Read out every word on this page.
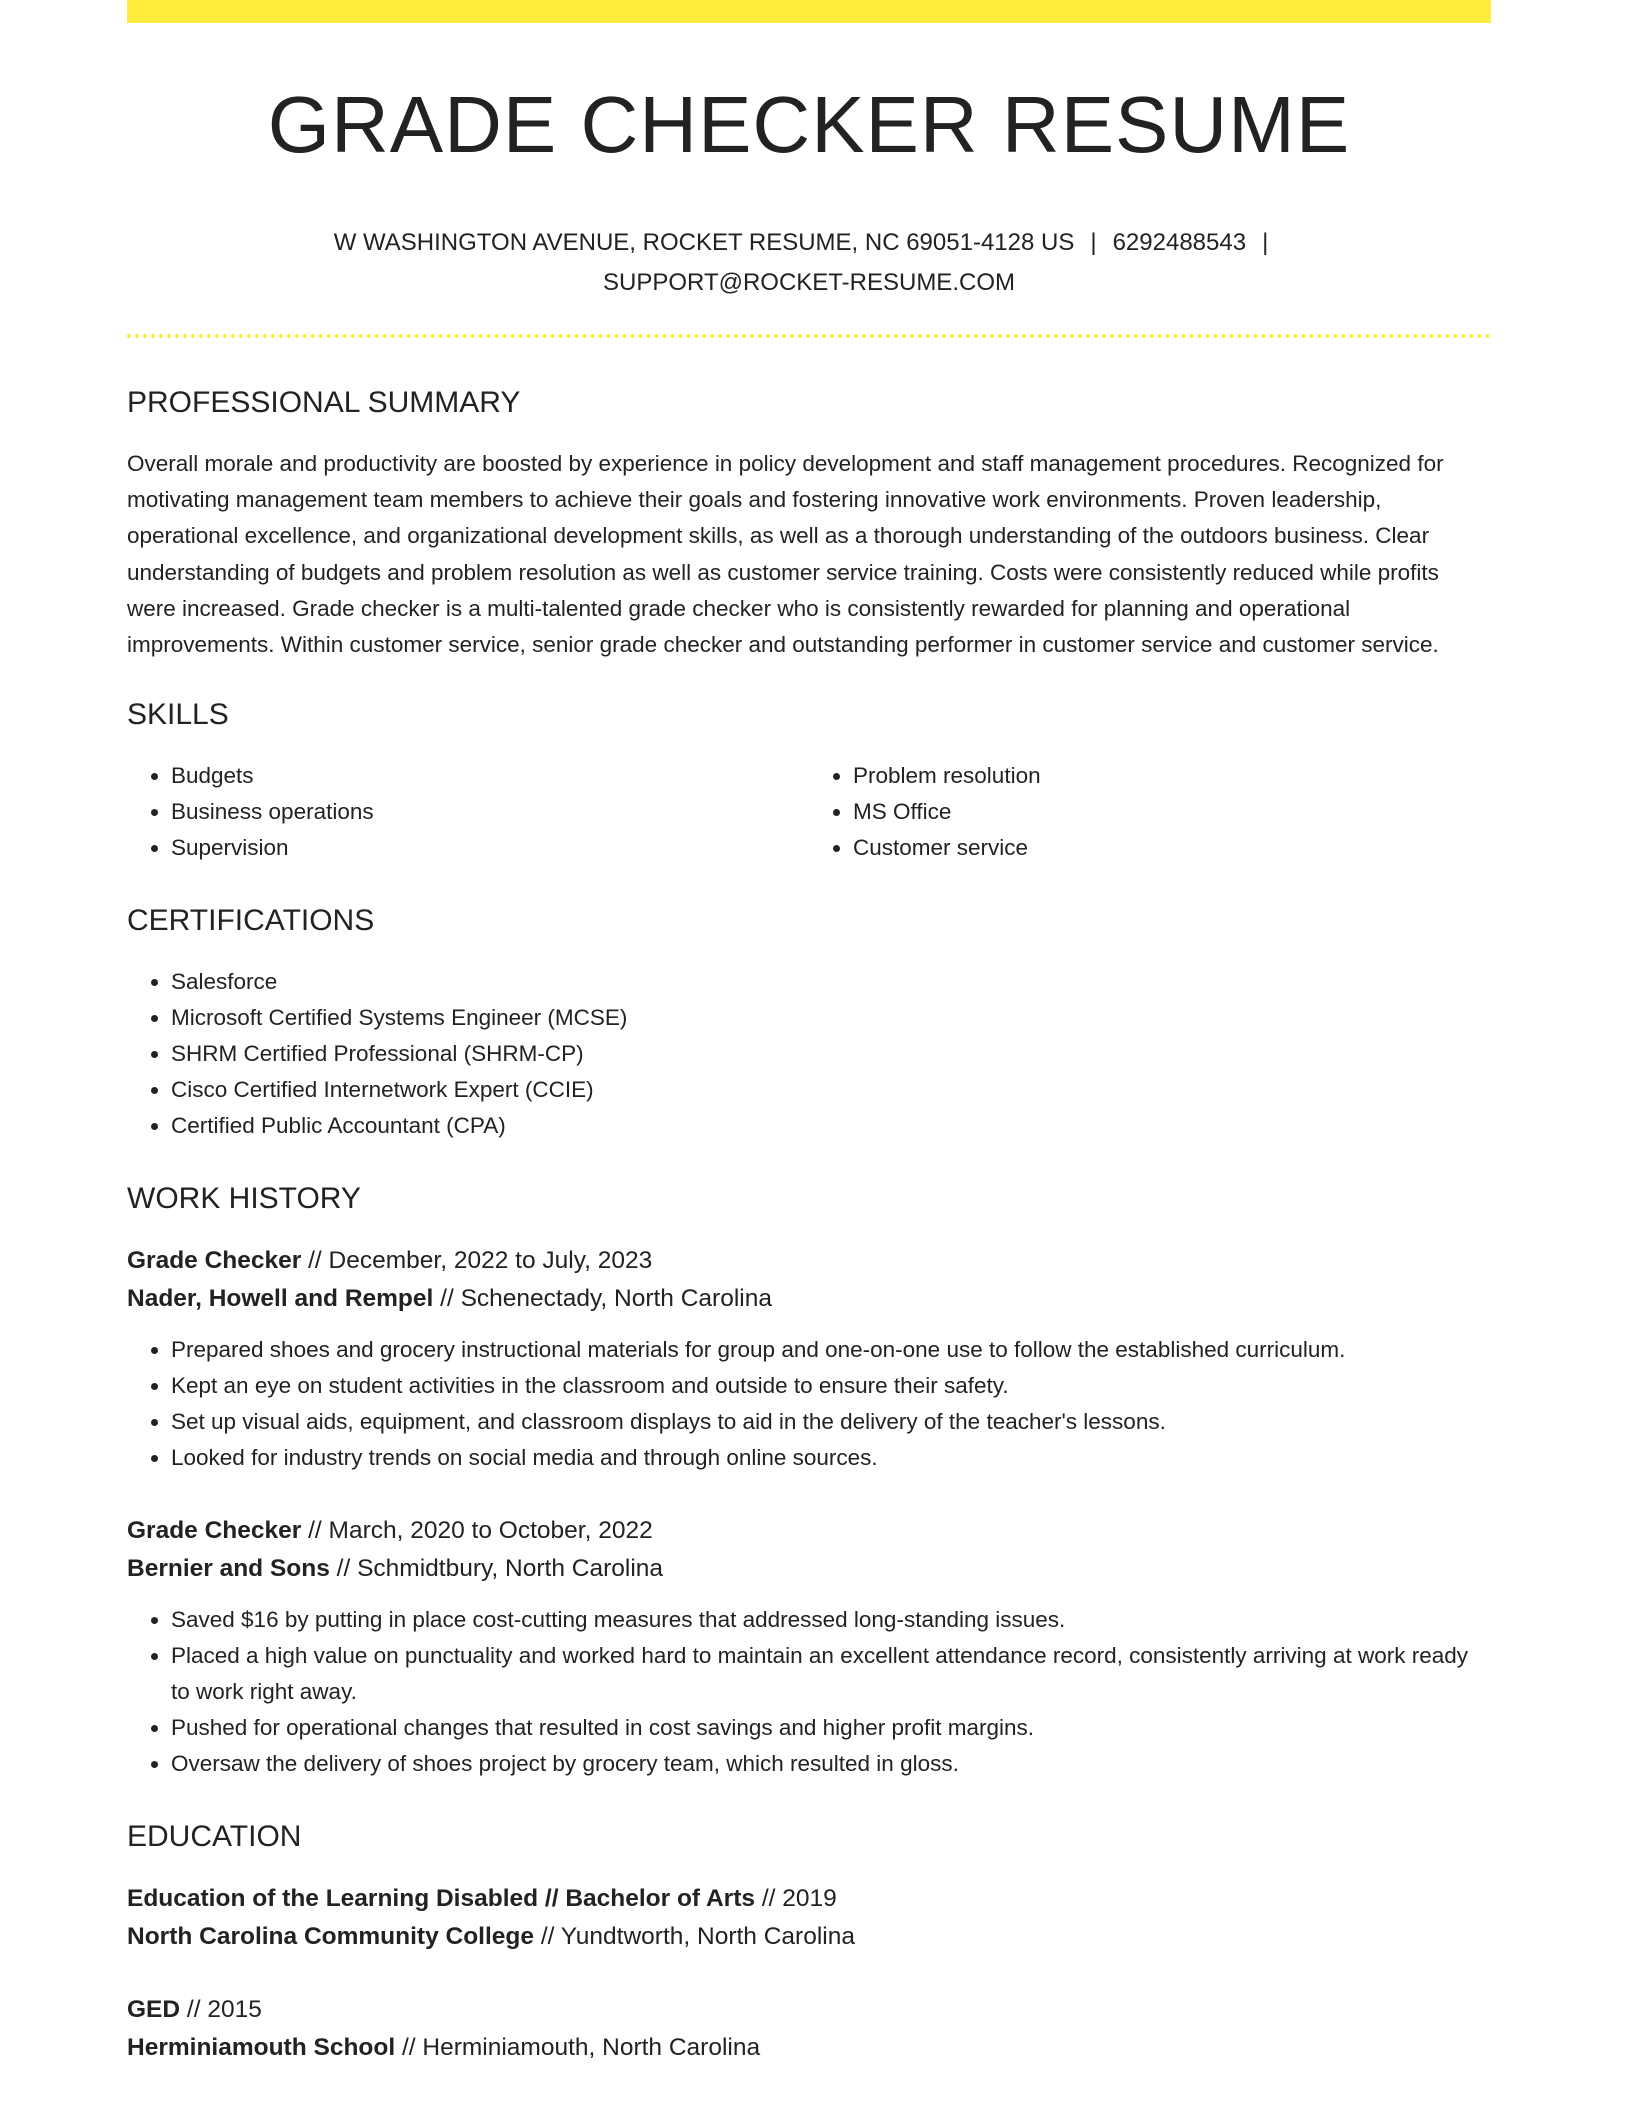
GRADE CHECKER RESUME
W WASHINGTON AVENUE, ROCKET RESUME, NC 69051-4128 US | 6292488543 |
SUPPORT@ROCKET-RESUME.COM
PROFESSIONAL SUMMARY

Overall morale and productivity are boosted by experience in policy development and staff management procedures. Recognized for motivating management team members to achieve their goals and fostering innovative work environments. Proven leadership, operational excellence, and organizational development skills, as well as a thorough understanding of the outdoors business. Clear understanding of budgets and problem resolution as well as customer service training. Costs were consistently reduced while profits were increased. Grade checker is a multi-talented grade checker who is consistently rewarded for planning and operational improvements. Within customer service, senior grade checker and outstanding performer in customer service and customer service.

SKILLS
• Budgets
• Business operations
• Supervision
• Problem resolution
• MS Office
• Customer service
CERTIFICATIONS
• Salesforce
• Microsoft Certified Systems Engineer (MCSE)
• SHRM Certified Professional (SHRM-CP)
• Cisco Certified Internetwork Expert (CCIE)
• Certified Public Accountant (CPA)
WORK HISTORY
Grade Checker // December, 2022 to July, 2023
Nader, Howell and Rempel // Schenectady, North Carolina
• Prepared shoes and grocery instructional materials for group and one-on-one use to follow the established curriculum.
• Kept an eye on student activities in the classroom and outside to ensure their safety.
• Set up visual aids, equipment, and classroom displays to aid in the delivery of the teacher's lessons.
• Looked for industry trends on social media and through online sources.
Grade Checker // March, 2020 to October, 2022
Bernier and Sons // Schmidtbury, North Carolina
• Saved $16 by putting in place cost-cutting measures that addressed long-standing issues.
• Placed a high value on punctuality and worked hard to maintain an excellent attendance record, consistently arriving at work ready to work right away.
• Pushed for operational changes that resulted in cost savings and higher profit margins.
• Oversaw the delivery of shoes project by grocery team, which resulted in gloss.
EDUCATION
Education of the Learning Disabled // Bachelor of Arts // 2019
North Carolina Community College // Yundtworth, North Carolina
GED // 2015
Herminiamouth School // Herminiamouth, North Carolina
